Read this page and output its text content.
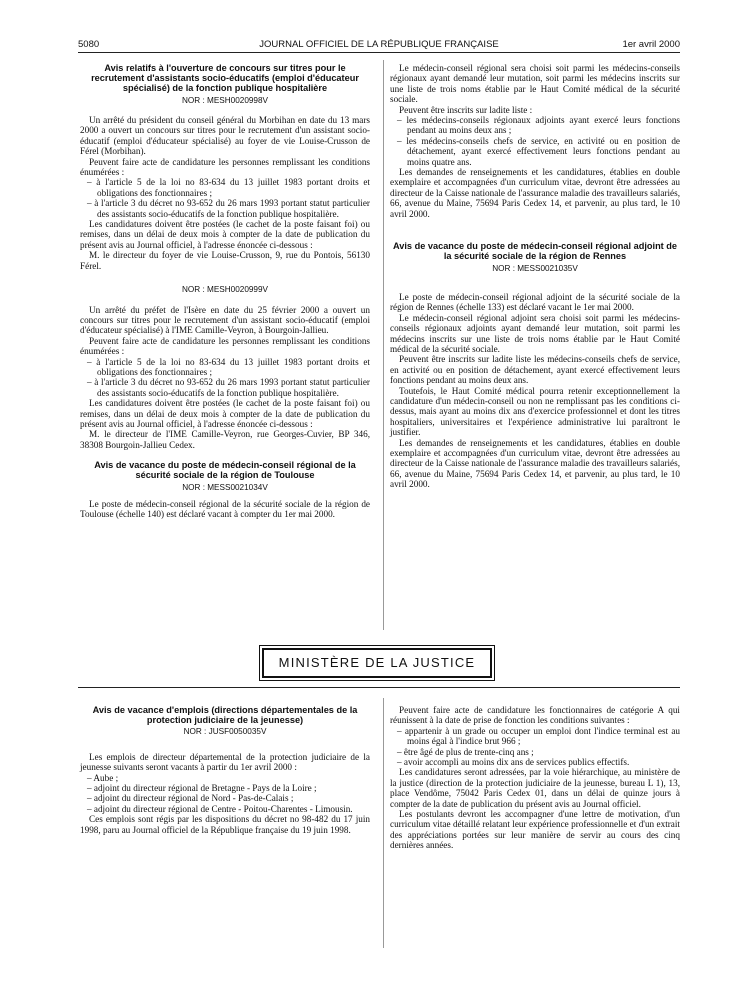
5080	JOURNAL OFFICIEL DE LA RÉPUBLIQUE FRANÇAISE	1er avril 2000
Avis relatifs à l'ouverture de concours sur titres pour le recrutement d'assistants socio-éducatifs (emploi d'éducateur spécialisé) de la fonction publique hospitalière
NOR : MESH0020998V

Un arrêté du président du conseil général du Morbihan en date du 13 mars 2000 a ouvert un concours sur titres pour le recrutement d'un assistant socio-éducatif (emploi d'éducateur spécialisé) au foyer de vie Louise-Crusson de Férel (Morbihan).

Peuvent faire acte de candidature les personnes remplissant les conditions énumérées :

– à l'article 5 de la loi no 83-634 du 13 juillet 1983 portant droits et obligations des fonctionnaires ;

– à l'article 3 du décret no 93-652 du 26 mars 1993 portant statut particulier des assistants socio-éducatifs de la fonction publique hospitalière.

Les candidatures doivent être postées (le cachet de la poste faisant foi) ou remises, dans un délai de deux mois à compter de la date de publication du présent avis au Journal officiel, à l'adresse énoncée ci-dessous :

M. le directeur du foyer de vie Louise-Crusson, 9, rue du Pontois, 56130 Férel.

NOR : MESH0020999V

Un arrêté du préfet de l'Isère en date du 25 février 2000 a ouvert un concours sur titres pour le recrutement d'un assistant socio-éducatif (emploi d'éducateur spécialisé) à l'IME Camille-Veyron, à Bourgoin-Jallieu.

Peuvent faire acte de candidature les personnes remplissant les conditions énumérées :

– à l'article 5 de la loi no 83-634 du 13 juillet 1983 portant droits et obligations des fonctionnaires ;

– à l'article 3 du décret no 93-652 du 26 mars 1993 portant statut particulier des assistants socio-éducatifs de la fonction publique hospitalière.

Les candidatures doivent être postées (le cachet de la poste faisant foi) ou remises, dans un délai de deux mois à compter de la date de publication du présent avis au Journal officiel, à l'adresse énoncée ci-dessous :

M. le directeur de l'IME Camille-Veyron, rue Georges-Cuvier, BP 346, 38308 Bourgoin-Jallieu Cedex.

Avis de vacance du poste de médecin-conseil régional de la sécurité sociale de la région de Toulouse
NOR : MESS0021034V

Le poste de médecin-conseil régional de la sécurité sociale de la région de Toulouse (échelle 140) est déclaré vacant à compter du 1er mai 2000.

Le médecin-conseil régional sera choisi soit parmi les médecins-conseils régionaux ayant demandé leur mutation, soit parmi les médecins inscrits sur une liste de trois noms établie par le Haut Comité médical de la sécurité sociale.

Peuvent être inscrits sur ladite liste :

– les médecins-conseils régionaux adjoints ayant exercé leurs fonctions pendant au moins deux ans ;

– les médecins-conseils chefs de service, en activité ou en position de détachement, ayant exercé effectivement leurs fonctions pendant au moins quatre ans.

Les demandes de renseignements et les candidatures, établies en double exemplaire et accompagnées d'un curriculum vitae, devront être adressées au directeur de la Caisse nationale de l'assurance maladie des travailleurs salariés, 66, avenue du Maine, 75694 Paris Cedex 14, et parvenir, au plus tard, le 10 avril 2000.

Avis de vacance du poste de médecin-conseil régional adjoint de la sécurité sociale de la région de Rennes
NOR : MESS0021035V

Le poste de médecin-conseil régional adjoint de la sécurité sociale de la région de Rennes (échelle 133) est déclaré vacant le 1er mai 2000.

Le médecin-conseil régional adjoint sera choisi soit parmi les médecins-conseils régionaux adjoints ayant demandé leur mutation, soit parmi les médecins inscrits sur une liste de trois noms établie par le Haut Comité médical de la sécurité sociale.

Peuvent être inscrits sur ladite liste les médecins-conseils chefs de service, en activité ou en position de détachement, ayant exercé effectivement leurs fonctions pendant au moins deux ans.

Toutefois, le Haut Comité médical pourra retenir exceptionnellement la candidature d'un médecin-conseil ou non ne remplissant pas les conditions ci-dessus, mais ayant au moins dix ans d'exercice professionnel et dont les titres hospitaliers, universitaires et l'expérience administrative lui paraîtront le justifier.

Les demandes de renseignements et les candidatures, établies en double exemplaire et accompagnées d'un curriculum vitae, devront être adressées au directeur de la Caisse nationale de l'assurance maladie des travailleurs salariés, 66, avenue du Maine, 75694 Paris Cedex 14, et parvenir, au plus tard, le 10 avril 2000.

MINISTÈRE DE LA JUSTICE
Avis de vacance d'emplois (directions départementales de la protection judiciaire de la jeunesse)
NOR : JUSF0050035V

Les emplois de directeur départemental de la protection judiciaire de la jeunesse suivants seront vacants à partir du 1er avril 2000 :

– Aube ;

– adjoint du directeur régional de Bretagne - Pays de la Loire ;

– adjoint du directeur régional de Nord - Pas-de-Calais ;

– adjoint du directeur régional de Centre - Poitou-Charentes - Limousin.

Ces emplois sont régis par les dispositions du décret no 98-482 du 17 juin 1998, paru au Journal officiel de la République française du 19 juin 1998.

Peuvent faire acte de candidature les fonctionnaires de catégorie A qui réunissent à la date de prise de fonction les conditions suivantes :

– appartenir à un grade ou occuper un emploi dont l'indice terminal est au moins égal à l'indice brut 966 ;

– être âgé de plus de trente-cinq ans ;

– avoir accompli au moins dix ans de services publics effectifs.

Les candidatures seront adressées, par la voie hiérarchique, au ministère de la justice (direction de la protection judiciaire de la jeunesse, bureau L 1), 13, place Vendôme, 75042 Paris Cedex 01, dans un délai de quinze jours à compter de la date de publication du présent avis au Journal officiel.

Les postulants devront les accompagner d'une lettre de motivation, d'un curriculum vitae détaillé relatant leur expérience professionnelle et d'un extrait des appréciations portées sur leur manière de servir au cours des cinq dernières années.
